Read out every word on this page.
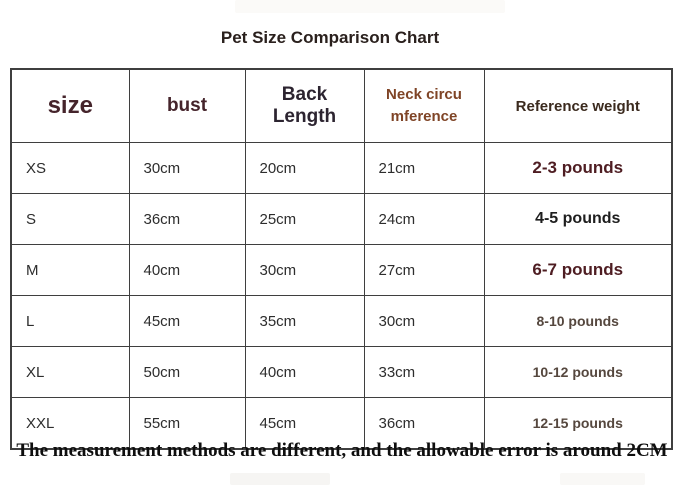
Pet Size Comparison Chart
size	bust	Back Length	Neck circu mference	Reference weight
XS	30cm	20cm	21cm	2-3 pounds
S	36cm	25cm	24cm	4-5 pounds
M	40cm	30cm	27cm	6-7 pounds
L	45cm	35cm	30cm	8-10 pounds
XL	50cm	40cm	33cm	10-12 pounds
XXL	55cm	45cm	36cm	12-15 pounds

The measurement methods are different, and the allowable error is around 2CM
